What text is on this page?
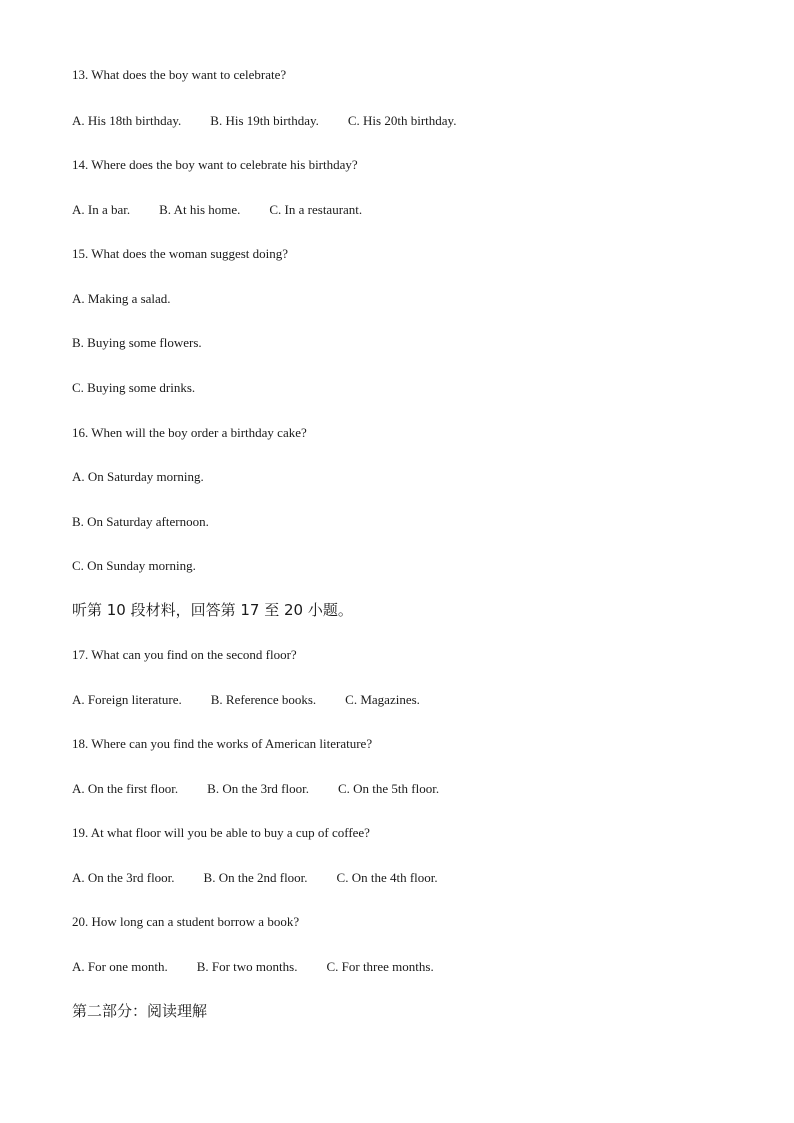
13. What does the boy want to celebrate?
A. His 18th birthday. B. His 19th birthday. C. His 20th birthday.
14. Where does the boy want to celebrate his birthday?
A. In a bar. B. At his home. C. In a restaurant.
15. What does the woman suggest doing?
A. Making a salad.
B. Buying some flowers.
C. Buying some drinks.
16. When will the boy order a birthday cake?
A. On Saturday morning.
B. On Saturday afternoon.
C. On Sunday morning.
听第 10 段材料，回答第 17 至 20 小题。
17. What can you find on the second floor?
A. Foreign literature. B. Reference books. C. Magazines.
18. Where can you find the works of American literature?
A. On the first floor. B. On the 3rd floor. C. On the 5th floor.
19. At what floor will you be able to buy a cup of coffee?
A. On the 3rd floor. B. On the 2nd floor. C. On the 4th floor.
20. How long can a student borrow a book?
A. For one month. B. For two months. C. For three months.
第二部分：阅读理解
